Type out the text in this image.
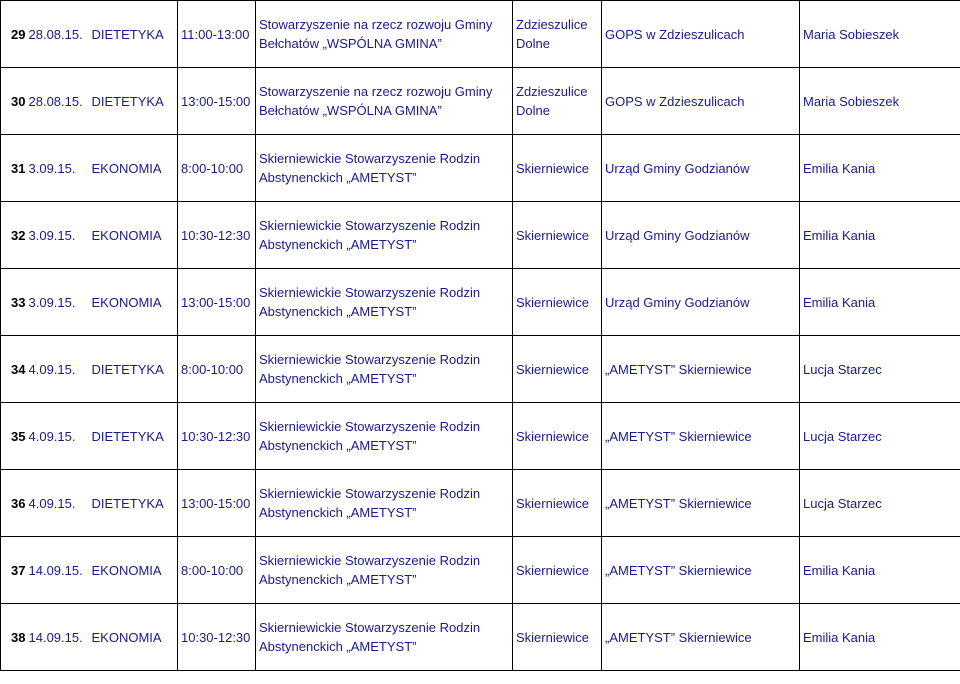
29	28.08.15.	DIETETYKA	11:00-13:00	Stowarzyszenie na rzecz rozwoju Gminy
Bełchatów „WSPÓLNA GMINA”	Zdzieszulice
Dolne	GOPS w Zdzieszulicach	Maria Sobieszek
30	28.08.15.	DIETETYKA	13:00-15:00	Stowarzyszenie na rzecz rozwoju Gminy
Bełchatów „WSPÓLNA GMINA”	Zdzieszulice
Dolne	GOPS w Zdzieszulicach	Maria Sobieszek
31	3.09.15.	EKONOMIA	8:00-10:00	Skierniewickie Stowarzyszenie Rodzin
Abstynenckich „AMETYST”	Skierniewice	Urząd Gminy Godzianów	Emilia Kania
32	3.09.15.	EKONOMIA	10:30-12:30	Skierniewickie Stowarzyszenie Rodzin
Abstynenckich „AMETYST”	Skierniewice	Urząd Gminy Godzianów	Emilia Kania
33	3.09.15.	EKONOMIA	13:00-15:00	Skierniewickie Stowarzyszenie Rodzin
Abstynenckich „AMETYST”	Skierniewice	Urząd Gminy Godzianów	Emilia Kania
34	4.09.15.	DIETETYKA	8:00-10:00	Skierniewickie Stowarzyszenie Rodzin
Abstynenckich „AMETYST”	Skierniewice	„AMETYST” Skierniewice	Lucja Starzec
35	4.09.15.	DIETETYKA	10:30-12:30	Skierniewickie Stowarzyszenie Rodzin
Abstynenckich „AMETYST”	Skierniewice	„AMETYST” Skierniewice	Lucja Starzec
36	4.09.15.	DIETETYKA	13:00-15:00	Skierniewickie Stowarzyszenie Rodzin
Abstynenckich „AMETYST”	Skierniewice	„AMETYST” Skierniewice	Lucja Starzec
37	14.09.15.	EKONOMIA	8:00-10:00	Skierniewickie Stowarzyszenie Rodzin
Abstynenckich „AMETYST”	Skierniewice	„AMETYST” Skierniewice	Emilia Kania
38	14.09.15.	EKONOMIA	10:30-12:30	Skierniewickie Stowarzyszenie Rodzin
Abstynenckich „AMETYST”	Skierniewice	„AMETYST” Skierniewice	Emilia Kania
